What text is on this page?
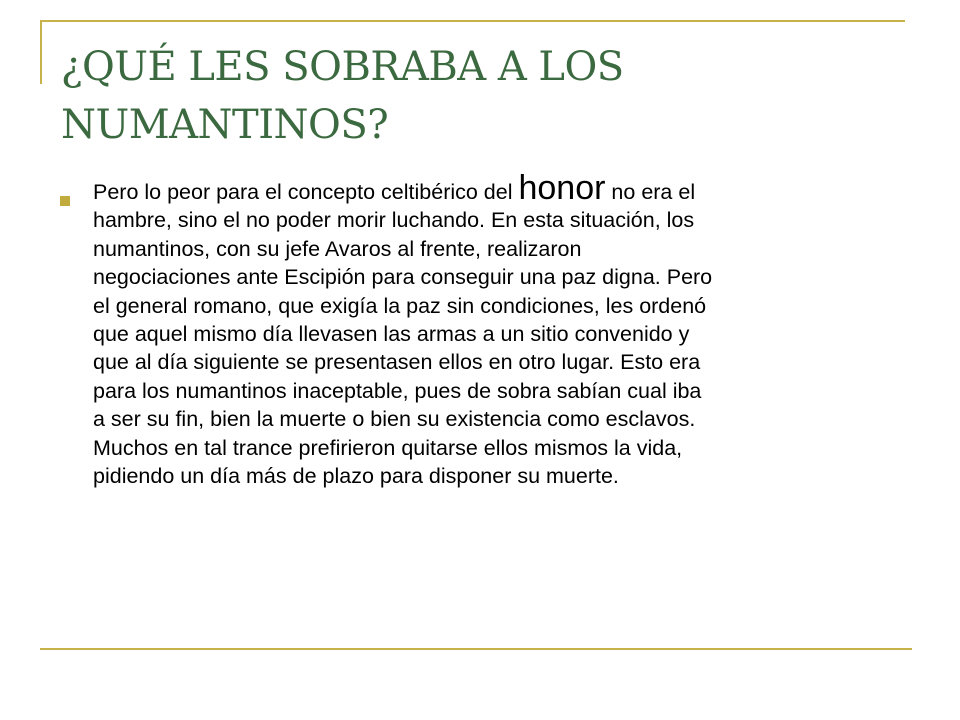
¿QUÉ LES SOBRABA A LOS
NUMANTINOS?

Pero lo peor para el concepto celtibérico del honor no era el
hambre, sino el no poder morir luchando. En esta situación, los
numantinos, con su jefe Avaros al frente, realizaron
negociaciones ante Escipión para conseguir una paz digna. Pero
el general romano, que exigía la paz sin condiciones, les ordenó
que aquel mismo día llevasen las armas a un sitio convenido y
que al día siguiente se presentasen ellos en otro lugar. Esto era
para los numantinos inaceptable, pues de sobra sabían cual iba
a ser su fin, bien la muerte o bien su existencia como esclavos.
Muchos en tal trance prefirieron quitarse ellos mismos la vida,
pidiendo un día más de plazo para disponer su muerte.
